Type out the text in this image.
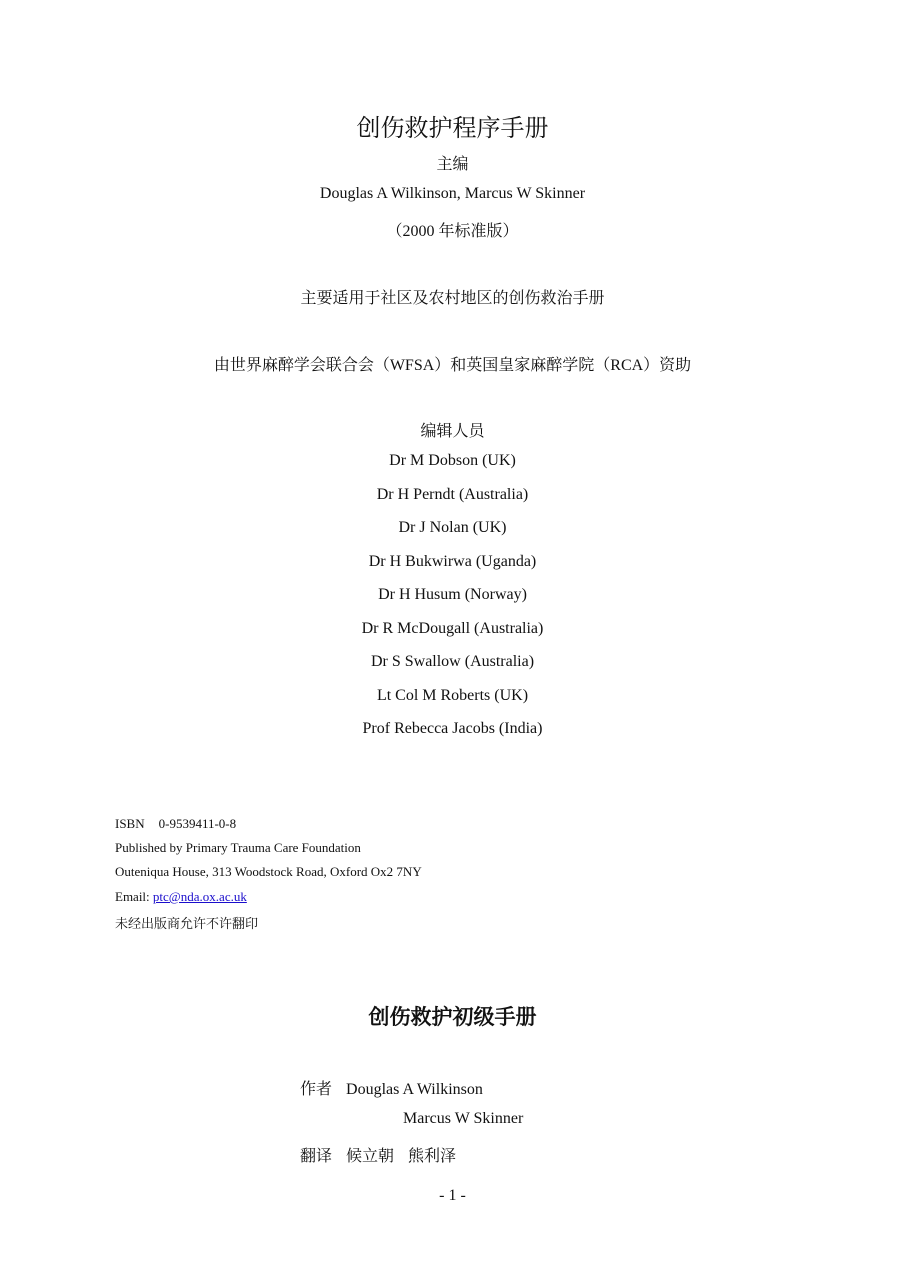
创伤救护程序手册
主编
Douglas A Wilkinson, Marcus W Skinner
（2000 年标准版）
主要适用于社区及农村地区的创伤救治手册
由世界麻醉学会联合会（WFSA）和英国皇家麻醉学院（RCA）资助
编辑人员
Dr M Dobson (UK)
Dr H Perndt (Australia)
Dr J Nolan (UK)
Dr H Bukwirwa (Uganda)
Dr H Husum (Norway)
Dr R McDougall (Australia)
Dr S Swallow (Australia)
Lt Col M Roberts (UK)
Prof Rebecca Jacobs (India)
ISBN 0-9539411-0-8
Published by Primary Trauma Care Foundation
Outeniqua House, 313 Woodstock Road, Oxford Ox2 7NY
Email: ptc@nda.ox.ac.uk
未经出版商允许不许翻印
创伤救护初级手册
作者 Douglas A Wilkinson
Marcus W Skinner
翻译 候立朝 熊利泽
- 1 -
